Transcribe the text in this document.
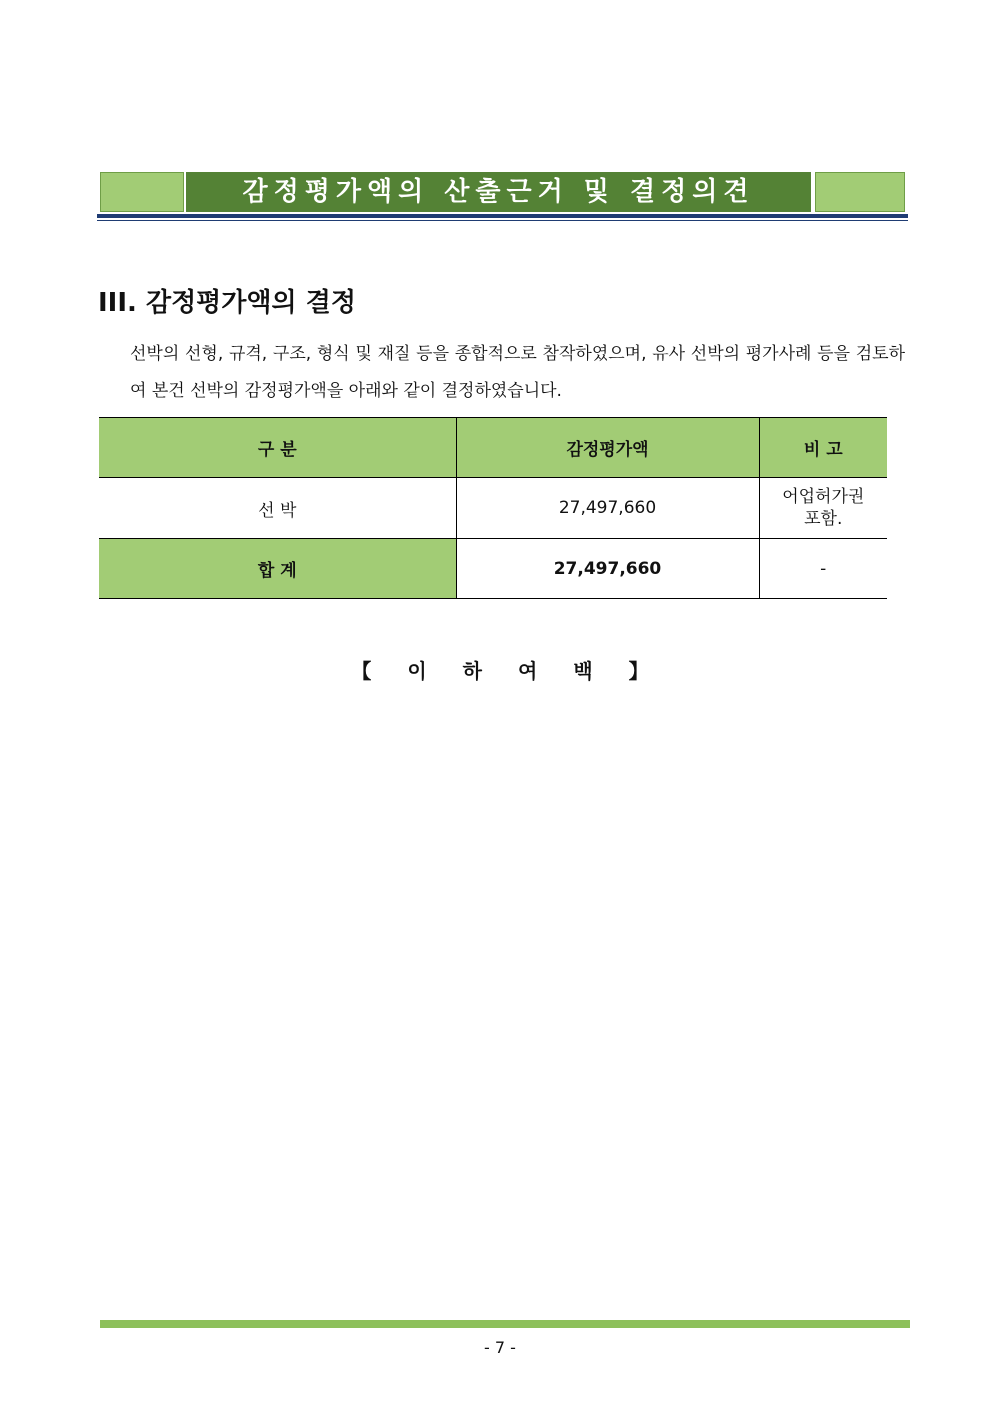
감정평가액의 산출근거 및 결정의견
III. 감정평가액의 결정
선박의 선형, 규격, 구조, 형식 및 재질 등을 종합적으로 참작하였으며, 유사 선박의 평가사례 등을 검토하여 본건 선박의 감정평가액을 아래와 같이 결정하였습니다.
구 분	감정평가액	비 고
선 박	27,497,660	어업허가권
포함.

합 계	27,497,660	-
【 이 하 여 백 】
- 7 -
